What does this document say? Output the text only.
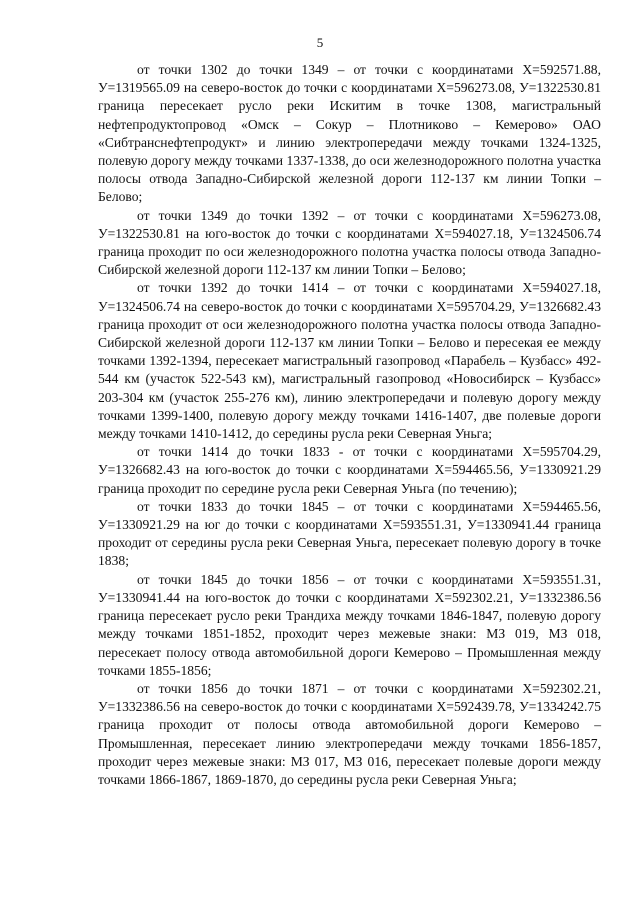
5

от точки 1302 до точки 1349 – от точки с координатами X=592571.88, У=1319565.09 на северо-восток до точки с координатами X=596273.08, У=1322530.81 граница пересекает русло реки Искитим в точке 1308, магистральный нефтепродуктопровод «Омск – Сокур – Плотниково – Кемерово» ОАО «Сибтранснефтепродукт» и линию электропередачи между точками 1324-1325, полевую дорогу между точками 1337-1338, до оси железнодорожного полотна участка полосы отвода Западно-Сибирской железной дороги 112-137 км линии Топки – Белово;

от точки 1349 до точки 1392 – от точки с координатами X=596273.08, У=1322530.81 на юго-восток до точки с координатами X=594027.18, У=1324506.74 граница проходит по оси железнодорожного полотна участка полосы отвода Западно-Сибирской железной дороги 112-137 км линии Топки – Белово;

от точки 1392 до точки 1414 – от точки с координатами X=594027.18, У=1324506.74 на северо-восток до точки с координатами X=595704.29, У=1326682.43 граница проходит от оси железнодорожного полотна участка полосы отвода Западно-Сибирской железной дороги 112-137 км линии Топки – Белово и пересекая ее между точками 1392-1394, пересекает магистральный газопровод «Парабель – Кузбасс» 492-544 км (участок 522-543 км), магистральный газопровод «Новосибирск – Кузбасс» 203-304 км (участок 255-276 км), линию электропередачи и полевую дорогу между точками 1399-1400, полевую дорогу между точками 1416-1407, две полевые дороги между точками 1410-1412, до середины русла реки Северная Уньга;

от точки 1414 до точки 1833 - от точки с координатами X=595704.29, У=1326682.43 на юго-восток до точки с координатами X=594465.56, У=1330921.29 граница проходит по середине русла реки Северная Уньга (по течению);

от точки 1833 до точки 1845 – от точки с координатами X=594465.56, У=1330921.29 на юг до точки с координатами X=593551.31, У=1330941.44 граница проходит от середины русла реки Северная Уньга, пересекает полевую дорогу в точке 1838;

от точки 1845 до точки 1856 – от точки с координатами X=593551.31, У=1330941.44 на юго-восток до точки с координатами X=592302.21, У=1332386.56 граница пересекает русло реки Трандиха между точками 1846-1847, полевую дорогу между точками 1851-1852, проходит через межевые знаки: МЗ 019, МЗ 018, пересекает полосу отвода автомобильной дороги Кемерово – Промышленная между точками 1855-1856;

от точки 1856 до точки 1871 – от точки с координатами X=592302.21, У=1332386.56 на северо-восток до точки с координатами X=592439.78, У=1334242.75 граница проходит от полосы отвода автомобильной дороги Кемерово – Промышленная, пересекает линию электропередачи между точками 1856-1857, проходит через межевые знаки: МЗ 017, МЗ 016, пересекает полевые дороги между точками 1866-1867, 1869-1870, до середины русла реки Северная Уньга;
